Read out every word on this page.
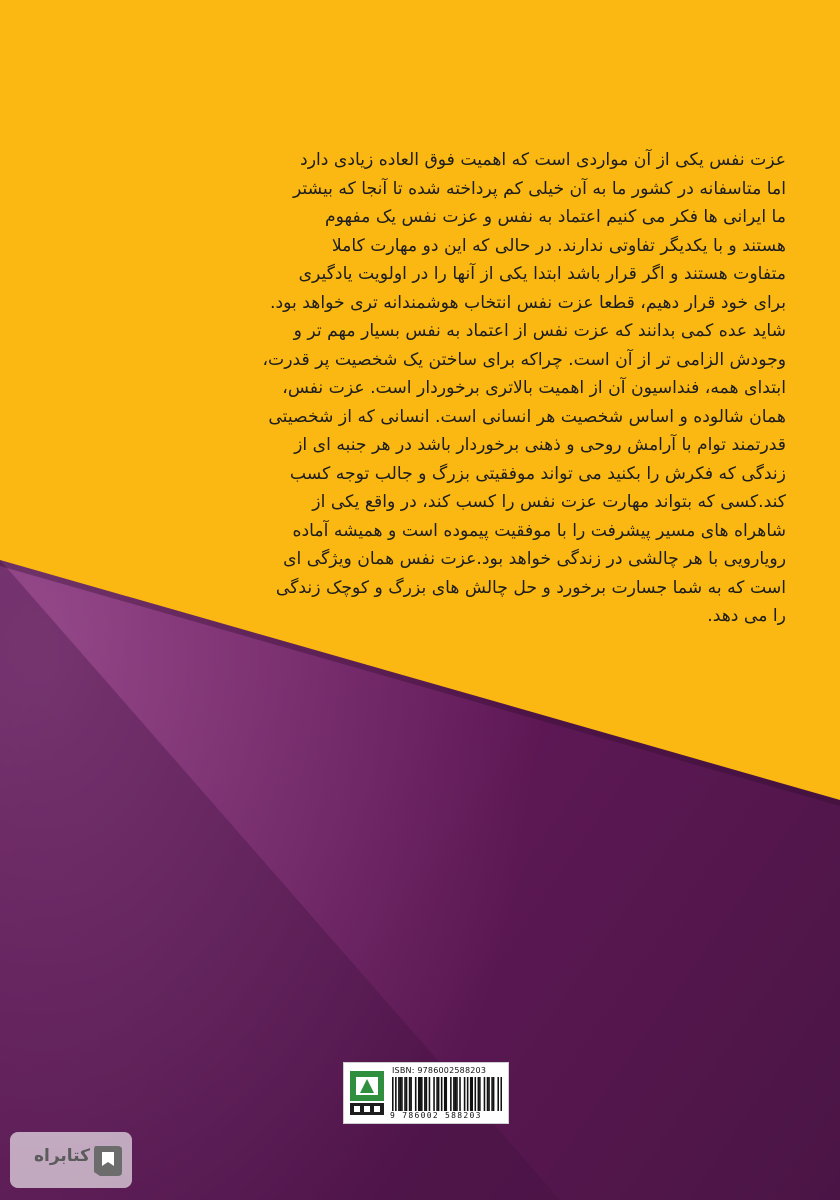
عزت نفس یکی از آن مواردی است که اهمیت فوق العاده زیادی دارد

اما متاسفانه در کشور ما به آن خیلی کم پرداخته شده تا آنجا که بیشتر

ما ایرانی ها فکر می کنیم اعتماد به نفس و عزت نفس یک مفهوم

هستند و با یکدیگر تفاوتی ندارند. در حالی که این دو مهارت کاملا

متفاوت هستند و اگر قرار باشد ابتدا یکی از آنها را در اولویت یادگیری

برای خود قرار دهیم، قطعا عزت نفس انتخاب هوشمندانه تری خواهد بود.

شاید عده کمی بدانند که عزت نفس از اعتماد به نفس بسیار مهم تر و

وجودش الزامی تر از آن است. چراکه برای ساختن یک شخصیت پر قدرت،

ابتدای همه، فنداسیون آن از اهمیت بالاتری برخوردار است. عزت نفس،

همان شالوده و اساس شخصیت هر انسانی است. انسانی که از شخصیتی

قدرتمند توام با آرامش روحی و ذهنی برخوردار باشد در هر جنبه ای از

زندگی که فکرش را بکنید می تواند موفقیتی بزرگ و جالب توجه کسب

کند.کسی که بتواند مهارت عزت نفس را کسب کند، در واقع یکی از

شاهراه های مسیر پیشرفت را با موفقیت پیموده است و همیشه آماده

رویارویی با هر چالشی در زندگی خواهد بود.عزت نفس همان ویژگی ای

است که به شما جسارت برخورد و حل چالش های بزرگ و کوچک زندگی

را می دهد.

ISBN: 9786002588203
9 786002 588203
کتابراه
